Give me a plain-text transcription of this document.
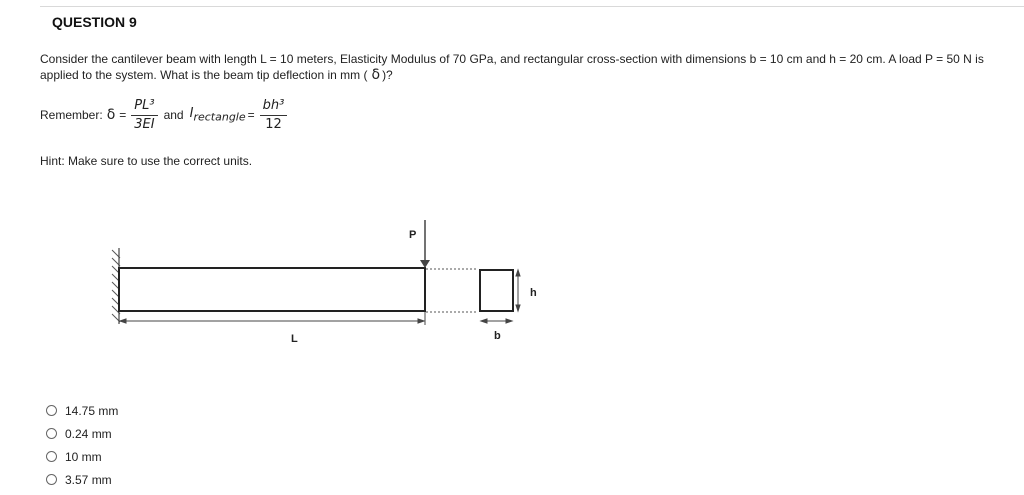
QUESTION 9
Consider the cantilever beam with length L = 10 meters, Elasticity Modulus of 70 GPa, and rectangular cross-section with dimensions b = 10 cm and h = 20 cm. A load P = 50 N is applied to the system. What is the beam tip deflection in mm ( δ )?
Remember: $\delta = \frac{\text{PL³}}{3EI}$ and $I_{rectangle} = \frac{\text{bh³}}{12}$
Hint: Make sure to use the correct units.
P
L
h
b
14.75 mm
0.24 mm
10 mm
3.57 mm
